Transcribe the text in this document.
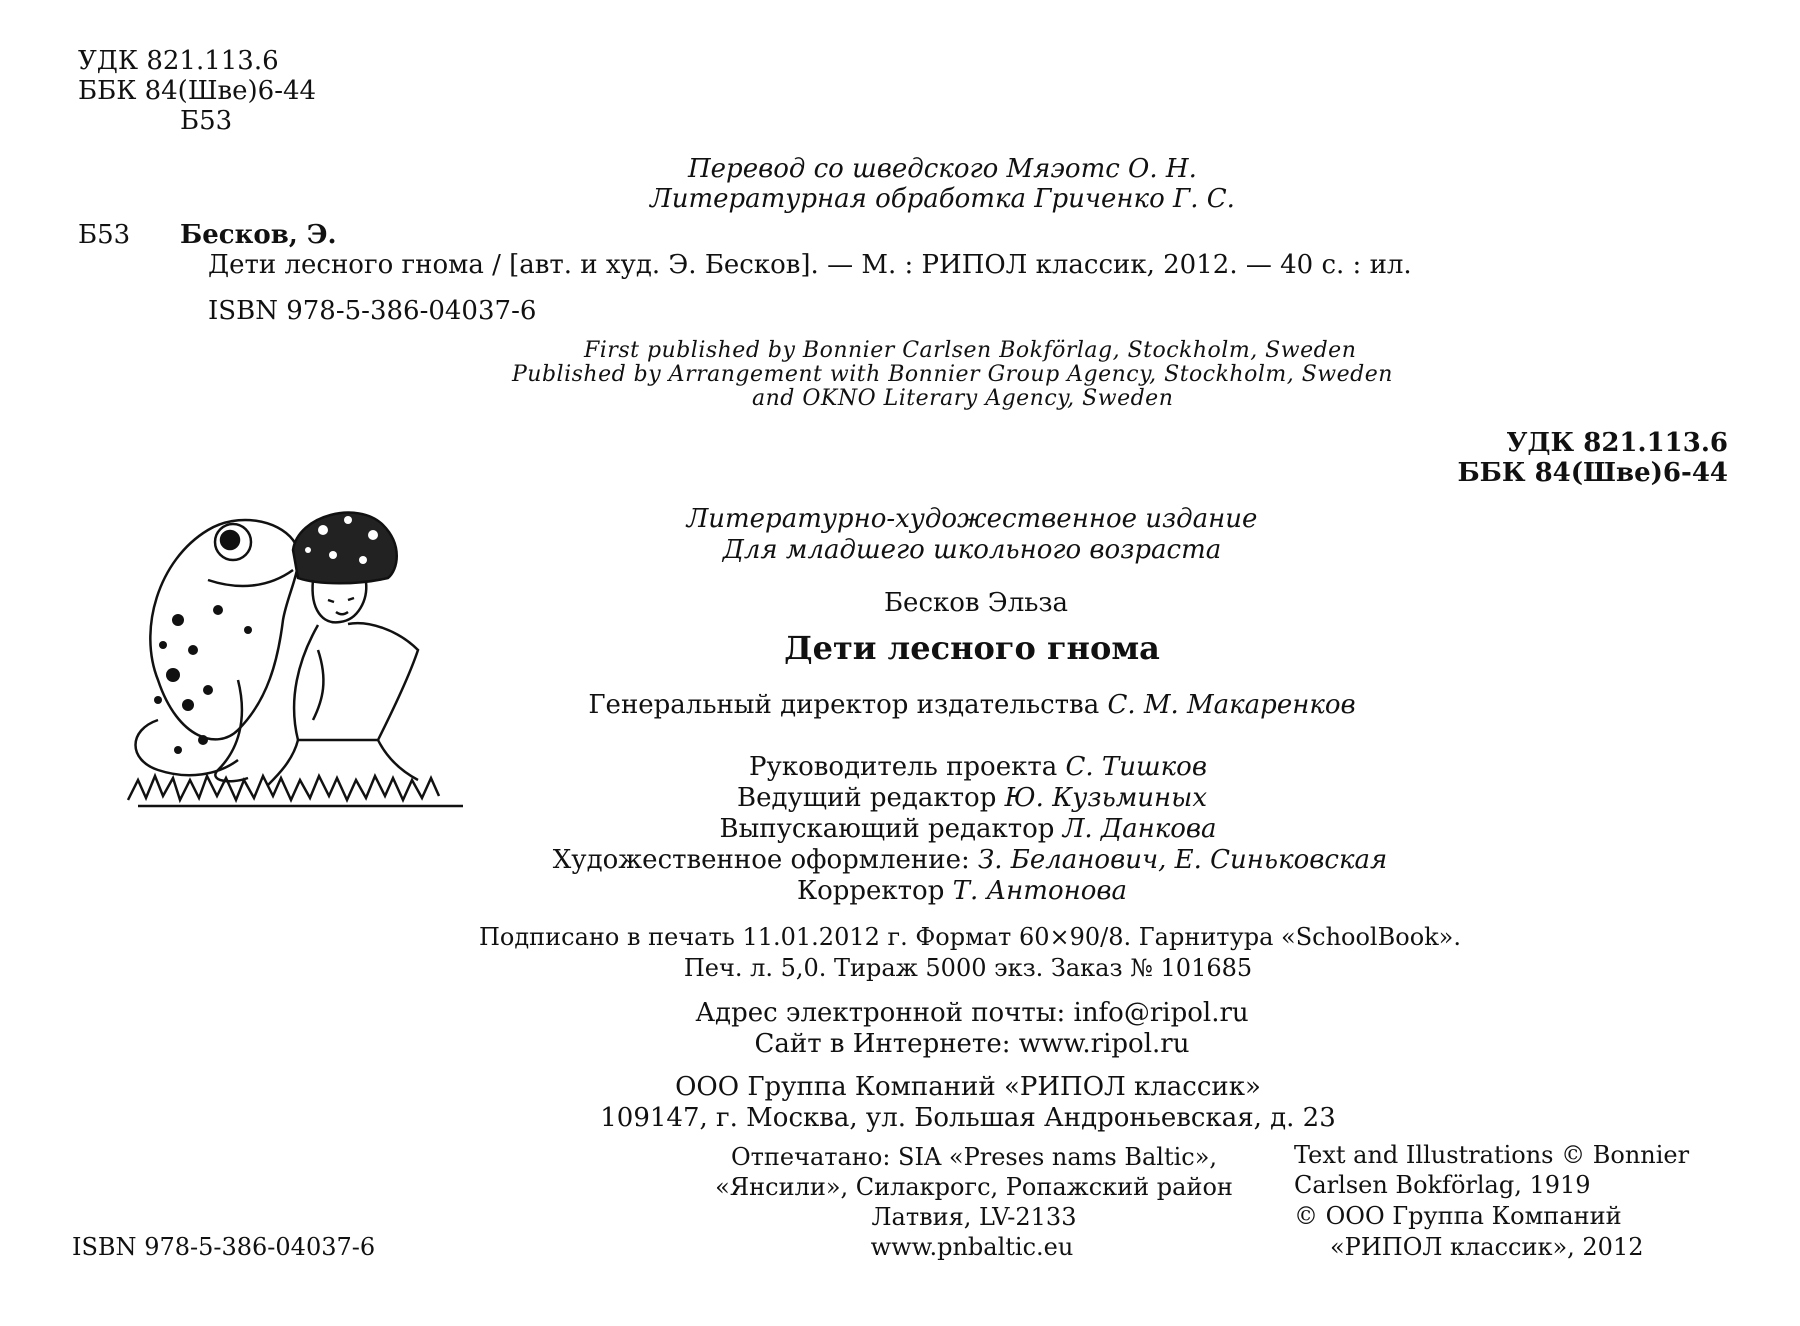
УДК 821.113.6
ББК 84(Шве)6-44
Б53
Перевод со шведского Мяэотс О. Н.
Литературная обработка Гриченко Г. С.
Б53 Бесков, Э.
Дети лесного гнома / [авт. и худ. Э. Бесков]. — М. : РИПОЛ классик, 2012. — 40 с. : ил.
ISBN 978-5-386-04037-6
First published by Bonnier Carlsen Bokförlag, Stockholm, Sweden
Published by Arrangement with Bonnier Group Agency, Stockholm, Sweden
and OKNO Literary Agency, Sweden
УДК 821.113.6
ББК 84(Шве)6-44
Литературно-художественное издание
Для младшего школьного возраста
Бесков Эльза
Дети лесного гнома
Генеральный директор издательства С. М. Макаренков
Руководитель проекта С. Тишков
Ведущий редактор Ю. Кузьминых
Выпускающий редактор Л. Данкова
Художественное оформление: З. Беланович, Е. Синьковская
Корректор Т. Антонова
Подписано в печать 11.01.2012 г. Формат 60×90/8. Гарнитура «SchoolBook».
Печ. л. 5,0. Тираж 5000 экз. Заказ № 101685
Адрес электронной почты: info@ripol.ru
Сайт в Интернете: www.ripol.ru
ООО Группа Компаний «РИПОЛ классик»
109147, г. Москва, ул. Большая Андроньевская, д. 23
Отпечатано: SIA «Preses nams Baltic»,
«Янсили», Силакрогс, Ропажский район
Латвия, LV-2133
www.pnbaltic.eu
Text and Illustrations © Bonnier
Carlsen Bokförlag, 1919
© ООО Группа Компаний
«РИПОЛ классик», 2012
ISBN 978-5-386-04037-6
